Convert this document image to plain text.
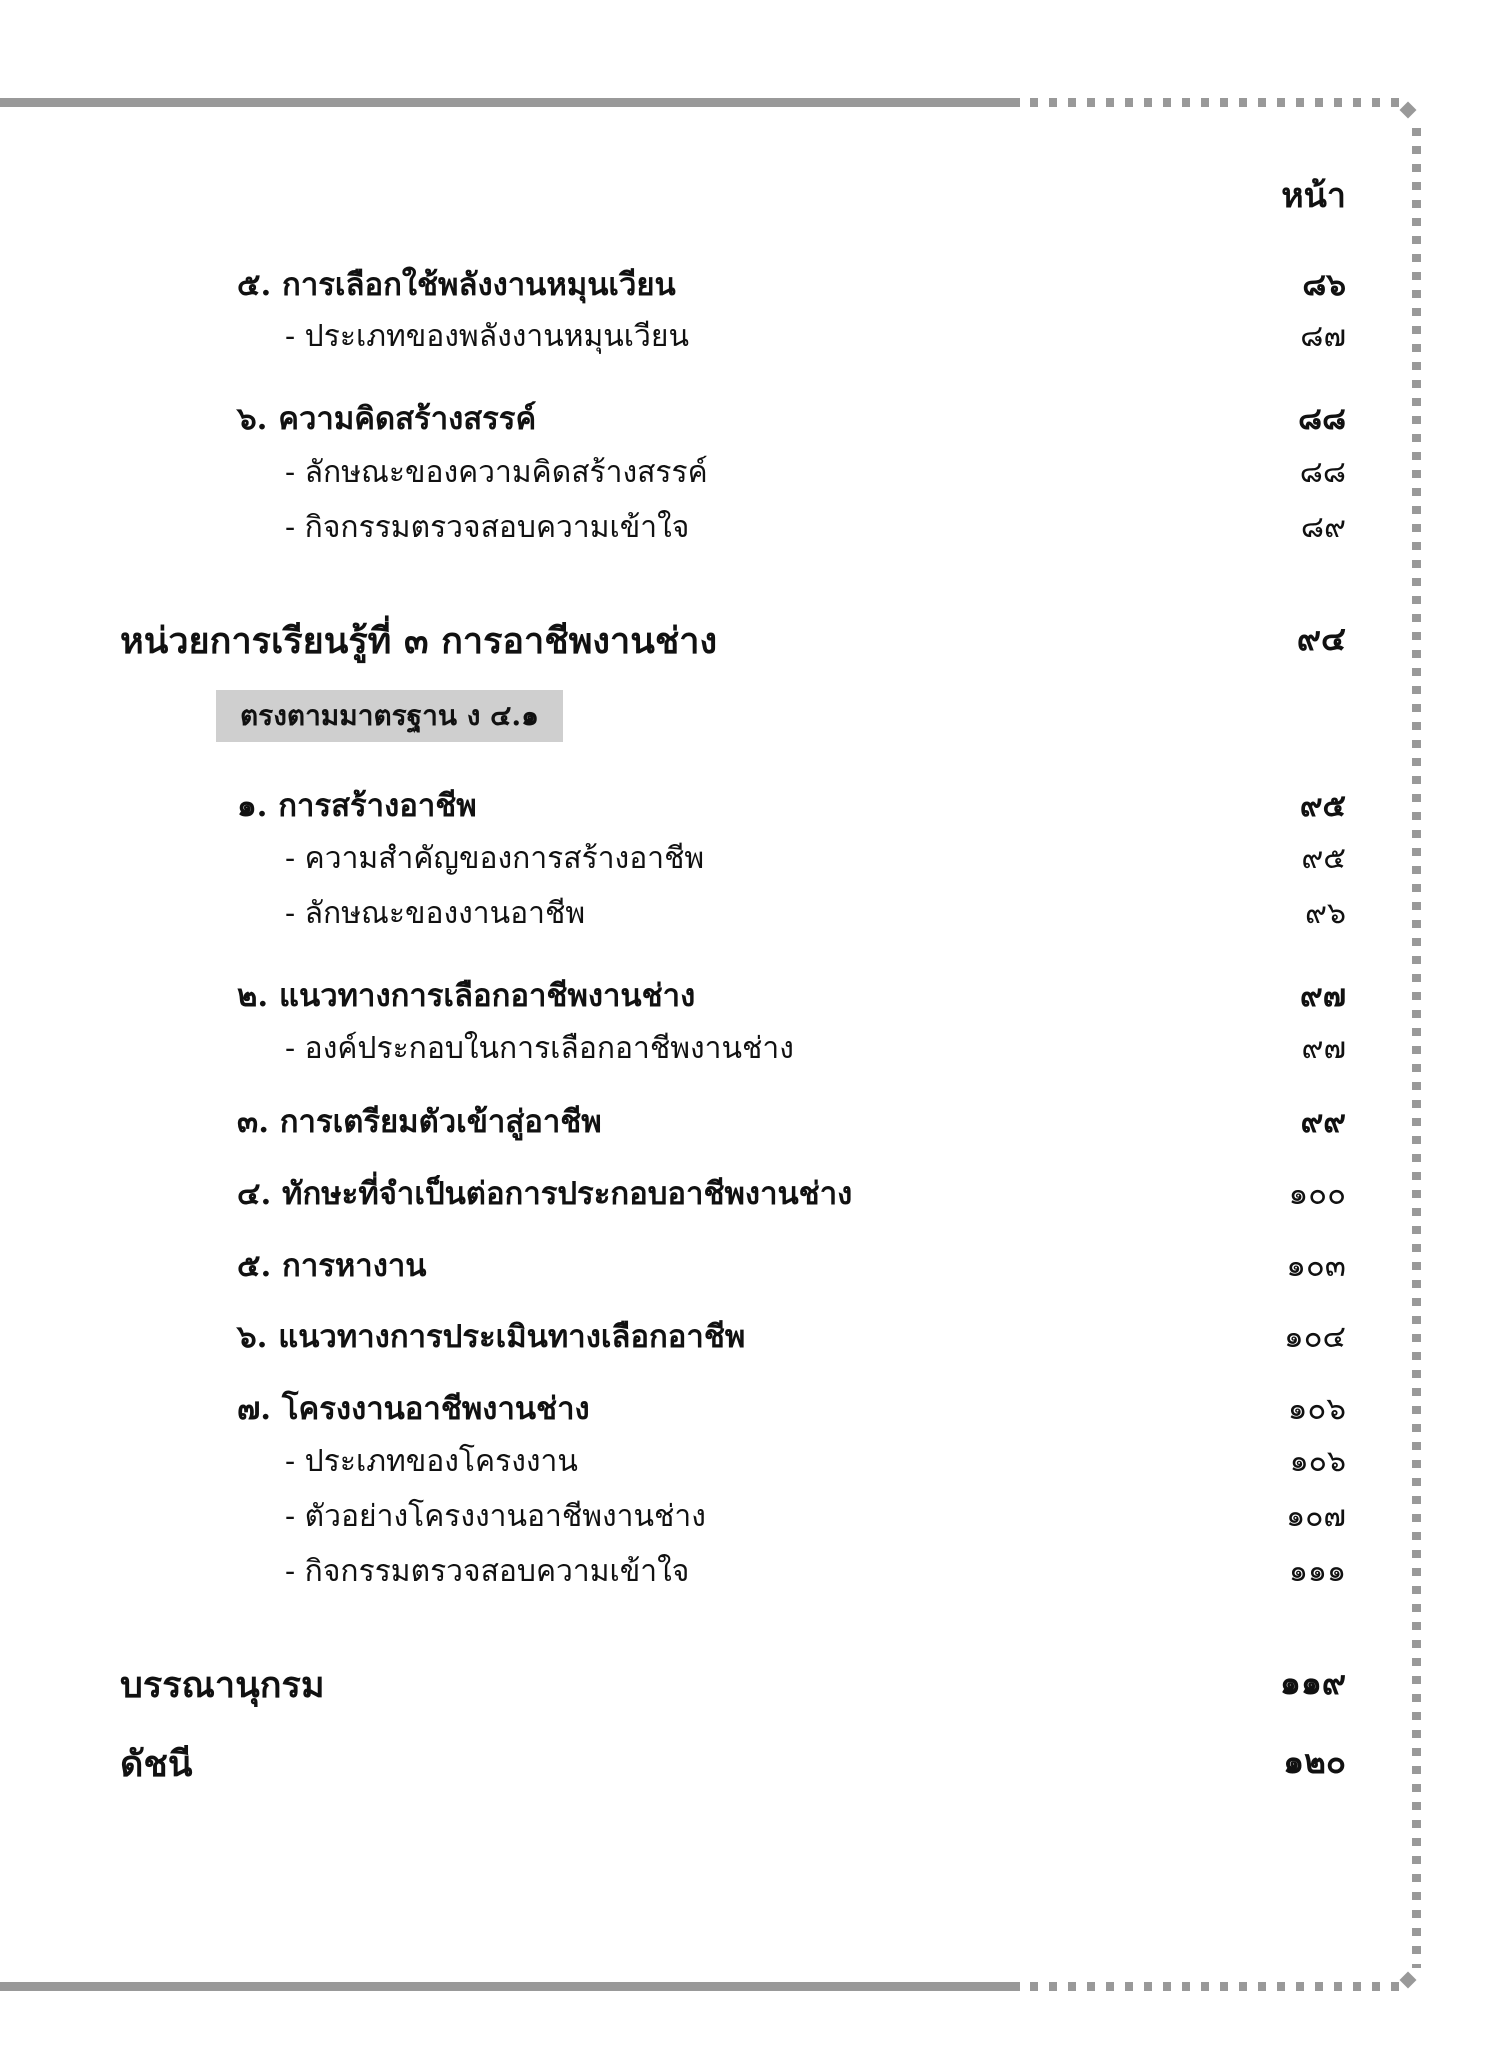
หน้า
๕. การเลือกใช้พลังงานหมุนเวียน	๘๖
- ประเภทของพลังงานหมุนเวียน	๘๗
๖. ความคิดสร้างสรรค์	๘๘
- ลักษณะของความคิดสร้างสรรค์	๘๘
- กิจกรรมตรวจสอบความเข้าใจ	๘๙
หน่วยการเรียนรู้ที่ ๓ การอาชีพงานช่าง	๙๔
ตรงตามมาตรฐาน ง ๔.๑
๑. การสร้างอาชีพ	๙๕
- ความสำคัญของการสร้างอาชีพ	๙๕
- ลักษณะของงานอาชีพ	๙๖
๒. แนวทางการเลือกอาชีพงานช่าง	๙๗
- องค์ประกอบในการเลือกอาชีพงานช่าง	๙๗
๓. การเตรียมตัวเข้าสู่อาชีพ	๙๙
๔. ทักษะที่จำเป็นต่อการประกอบอาชีพงานช่าง	๑๐๐
๕. การหางาน	๑๐๓
๖. แนวทางการประเมินทางเลือกอาชีพ	๑๐๔
๗. โครงงานอาชีพงานช่าง	๑๐๖
- ประเภทของโครงงาน	๑๐๖
- ตัวอย่างโครงงานอาชีพงานช่าง	๑๐๗
- กิจกรรมตรวจสอบความเข้าใจ	๑๑๑
บรรณานุกรม	๑๑๙
ดัชนี	๑๒๐
